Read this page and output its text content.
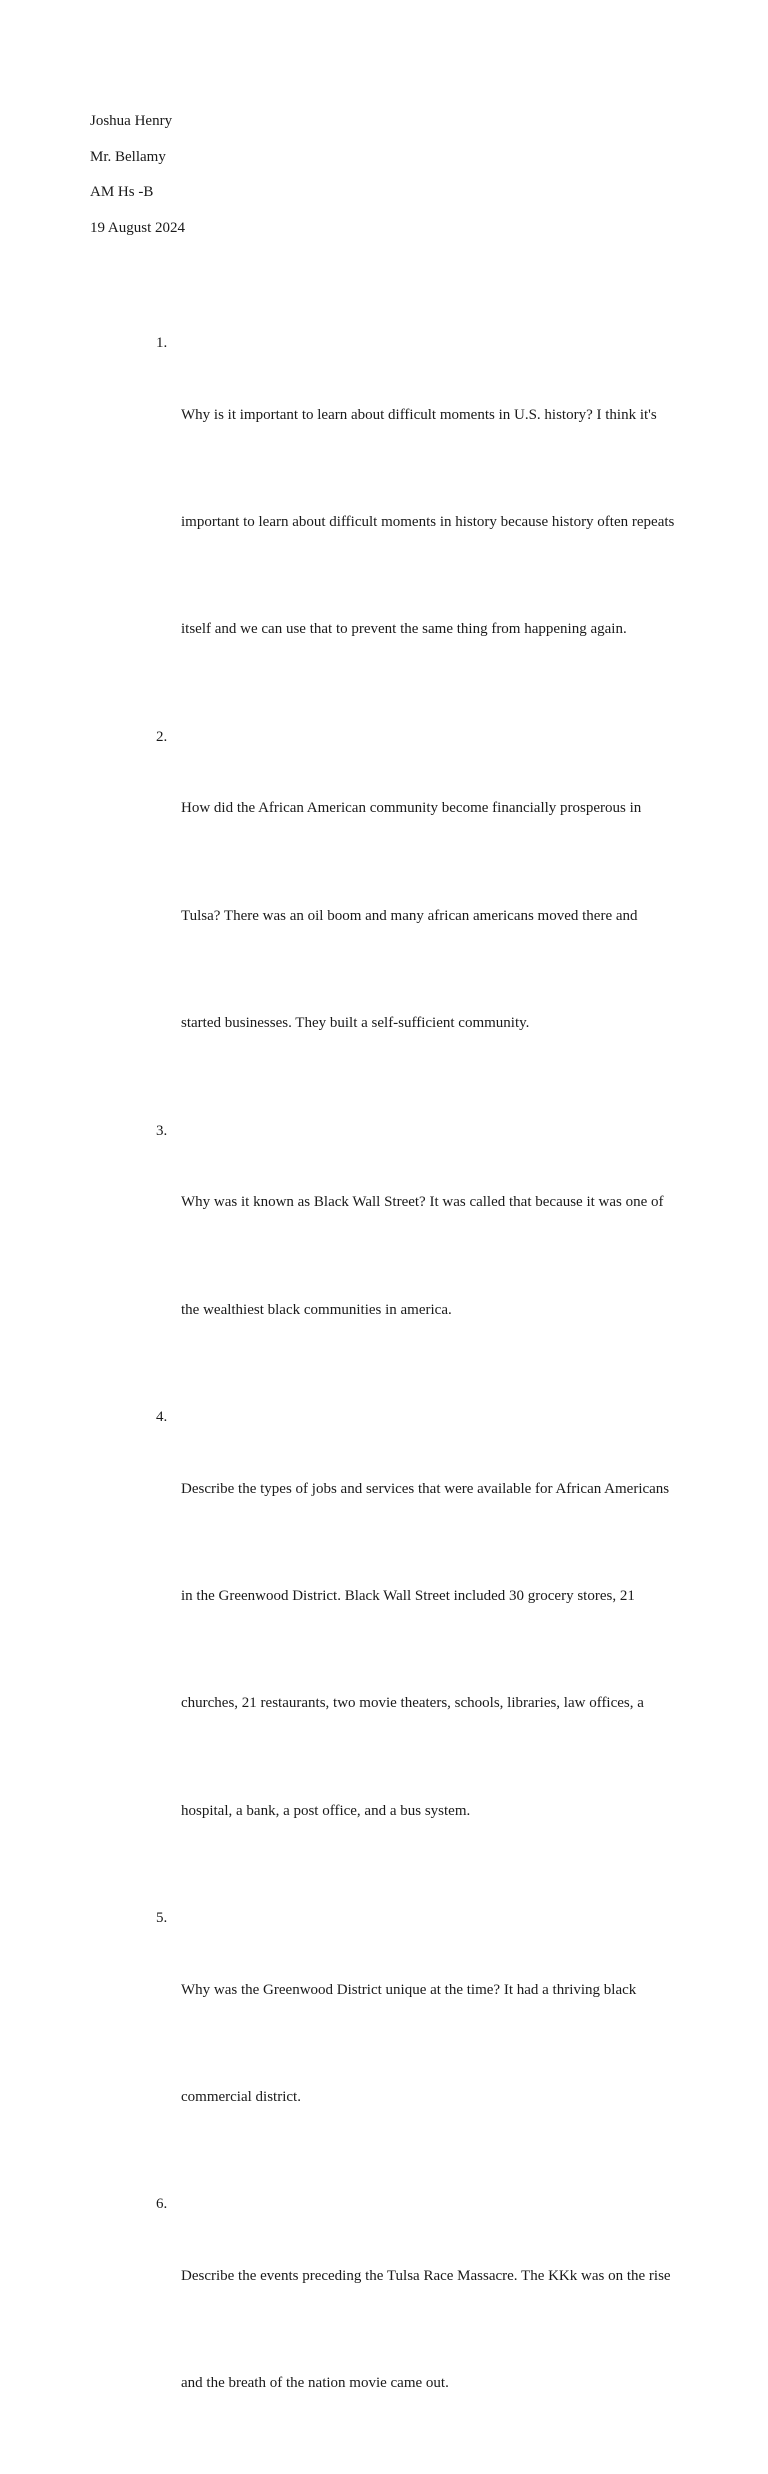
Joshua Henry
Mr. Bellamy
AM Hs -B
19 August 2024
1.

Why is it important to learn about difficult moments in U.S. history? I think it's

important to learn about difficult moments in history because history often repeats

itself and we can use that to prevent the same thing from happening again.

2.

How did the African American community become financially prosperous in

Tulsa? There was an oil boom and many african americans moved there and

started businesses. They built a self-sufficient community.

3.

Why was it known as Black Wall Street? It was called that because it was one of

the wealthiest black communities in america.

4.

Describe the types of jobs and services that were available for African Americans

in the Greenwood District. Black Wall Street included 30 grocery stores, 21

churches, 21 restaurants, two movie theaters, schools, libraries, law offices, a

hospital, a bank, a post office, and a bus system.

5.

Why was the Greenwood District unique at the time? It had a thriving black

commercial district.

6.

Describe the events preceding the Tulsa Race Massacre. The KKk was on the rise

and the breath of the nation movie came out.
